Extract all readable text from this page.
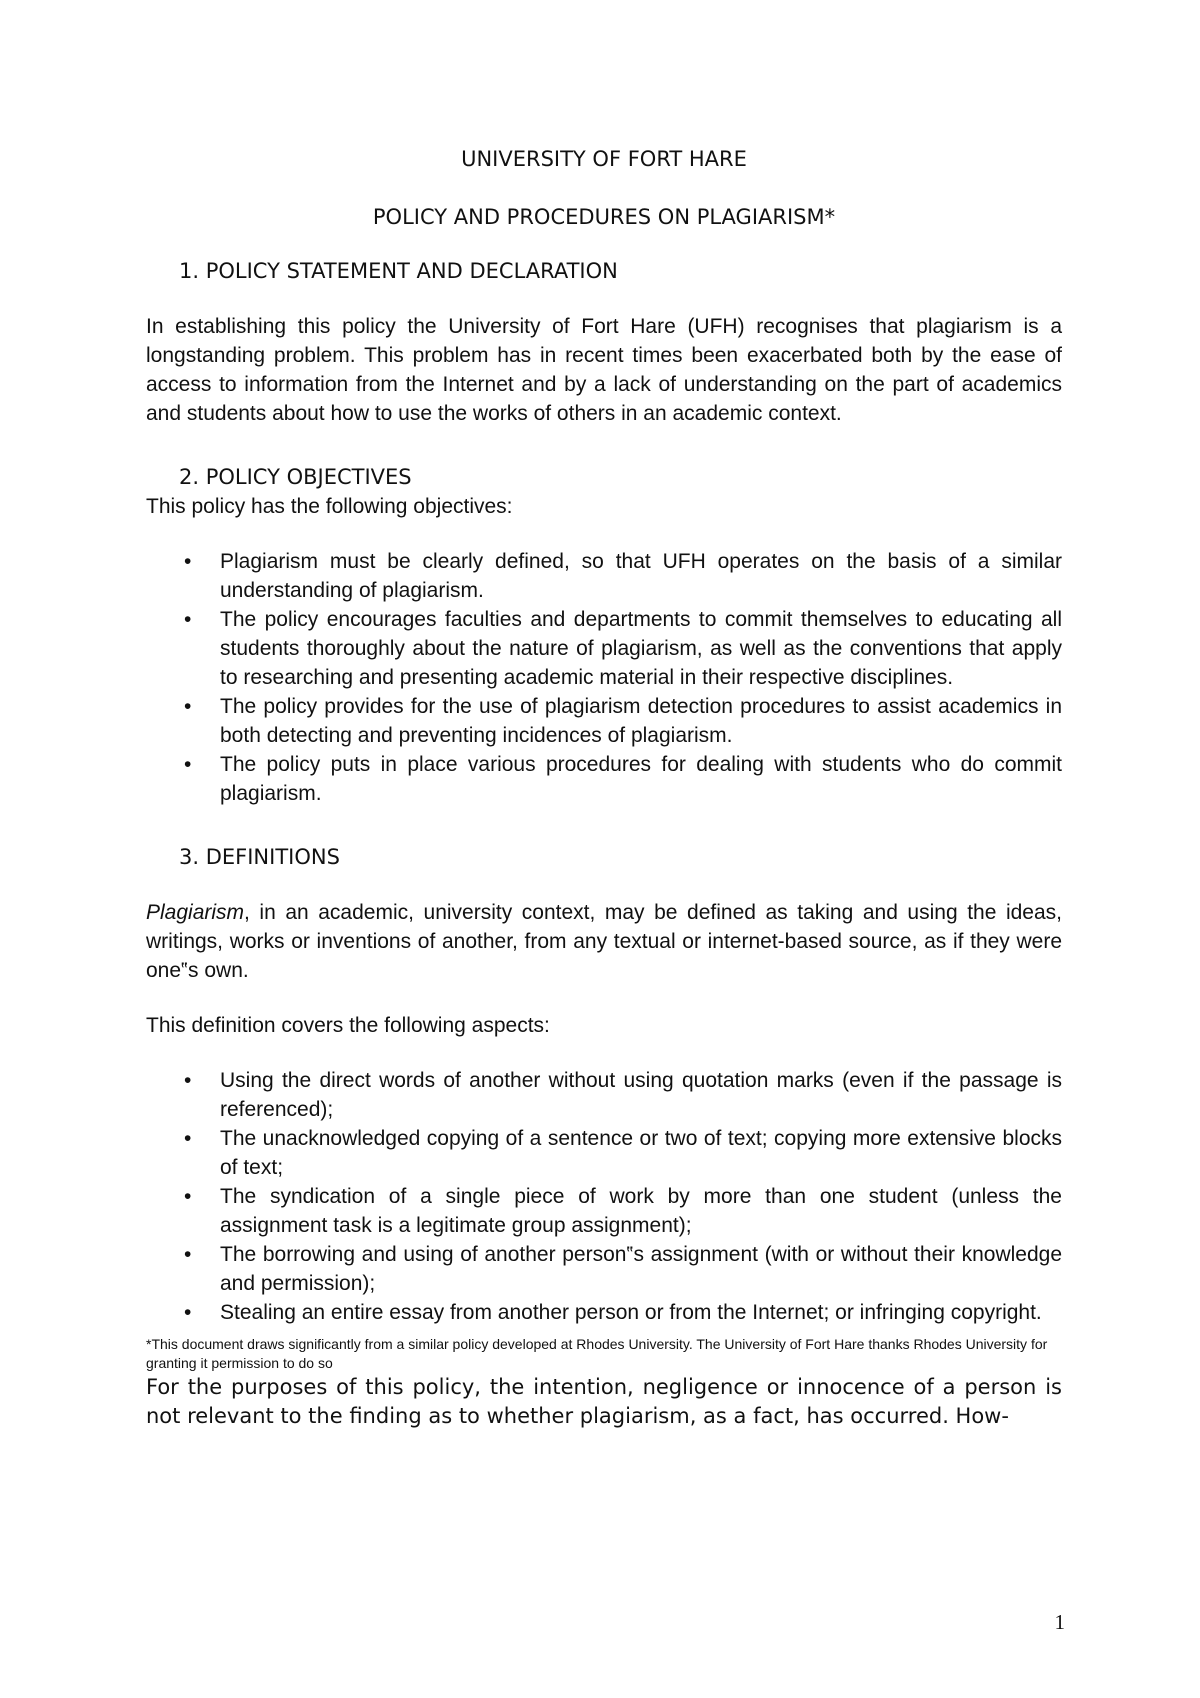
UNIVERSITY OF FORT HARE

POLICY AND PROCEDURES ON PLAGIARISM*

1. POLICY STATEMENT AND DECLARATION

In establishing this policy the University of Fort Hare (UFH) recognises that plagiarism is a longstanding problem. This problem has in recent times been exacerbated both by the ease of access to information from the Internet and by a lack of understanding on the part of academics and students about how to use the works of others in an academic context.

2. POLICY OBJECTIVES

This policy has the following objectives:

• Plagiarism must be clearly defined, so that UFH operates on the basis of a similar understanding of plagiarism.
• The policy encourages faculties and departments to commit themselves to educating all students thoroughly about the nature of plagiarism, as well as the conventions that apply to researching and presenting academic material in their respective disciplines.
• The policy provides for the use of plagiarism detection procedures to assist academics in both detecting and preventing incidences of plagiarism.
• The policy puts in place various procedures for dealing with students who do commit plagiarism.

3. DEFINITIONS

Plagiarism, in an academic, university context, may be defined as taking and using the ideas, writings, works or inventions of another, from any textual or internet-based source, as if they were one‟s own.

This definition covers the following aspects:

• Using the direct words of another without using quotation marks (even if the passage is referenced);
• The unacknowledged copying of a sentence or two of text; copying more extensive blocks of text;
• The syndication of a single piece of work by more than one student (unless the assignment task is a legitimate group assignment);
• The borrowing and using of another person‟s assignment (with or without their knowledge and permission);
• Stealing an entire essay from another person or from the Internet; or infringing copyright.

*This document draws significantly from a similar policy developed at Rhodes University. The University of Fort Hare thanks Rhodes University for granting it permission to do so

For the purposes of this policy, the intention, negligence or innocence of a person is not relevant to the finding as to whether plagiarism, as a fact, has occurred. How-

1
